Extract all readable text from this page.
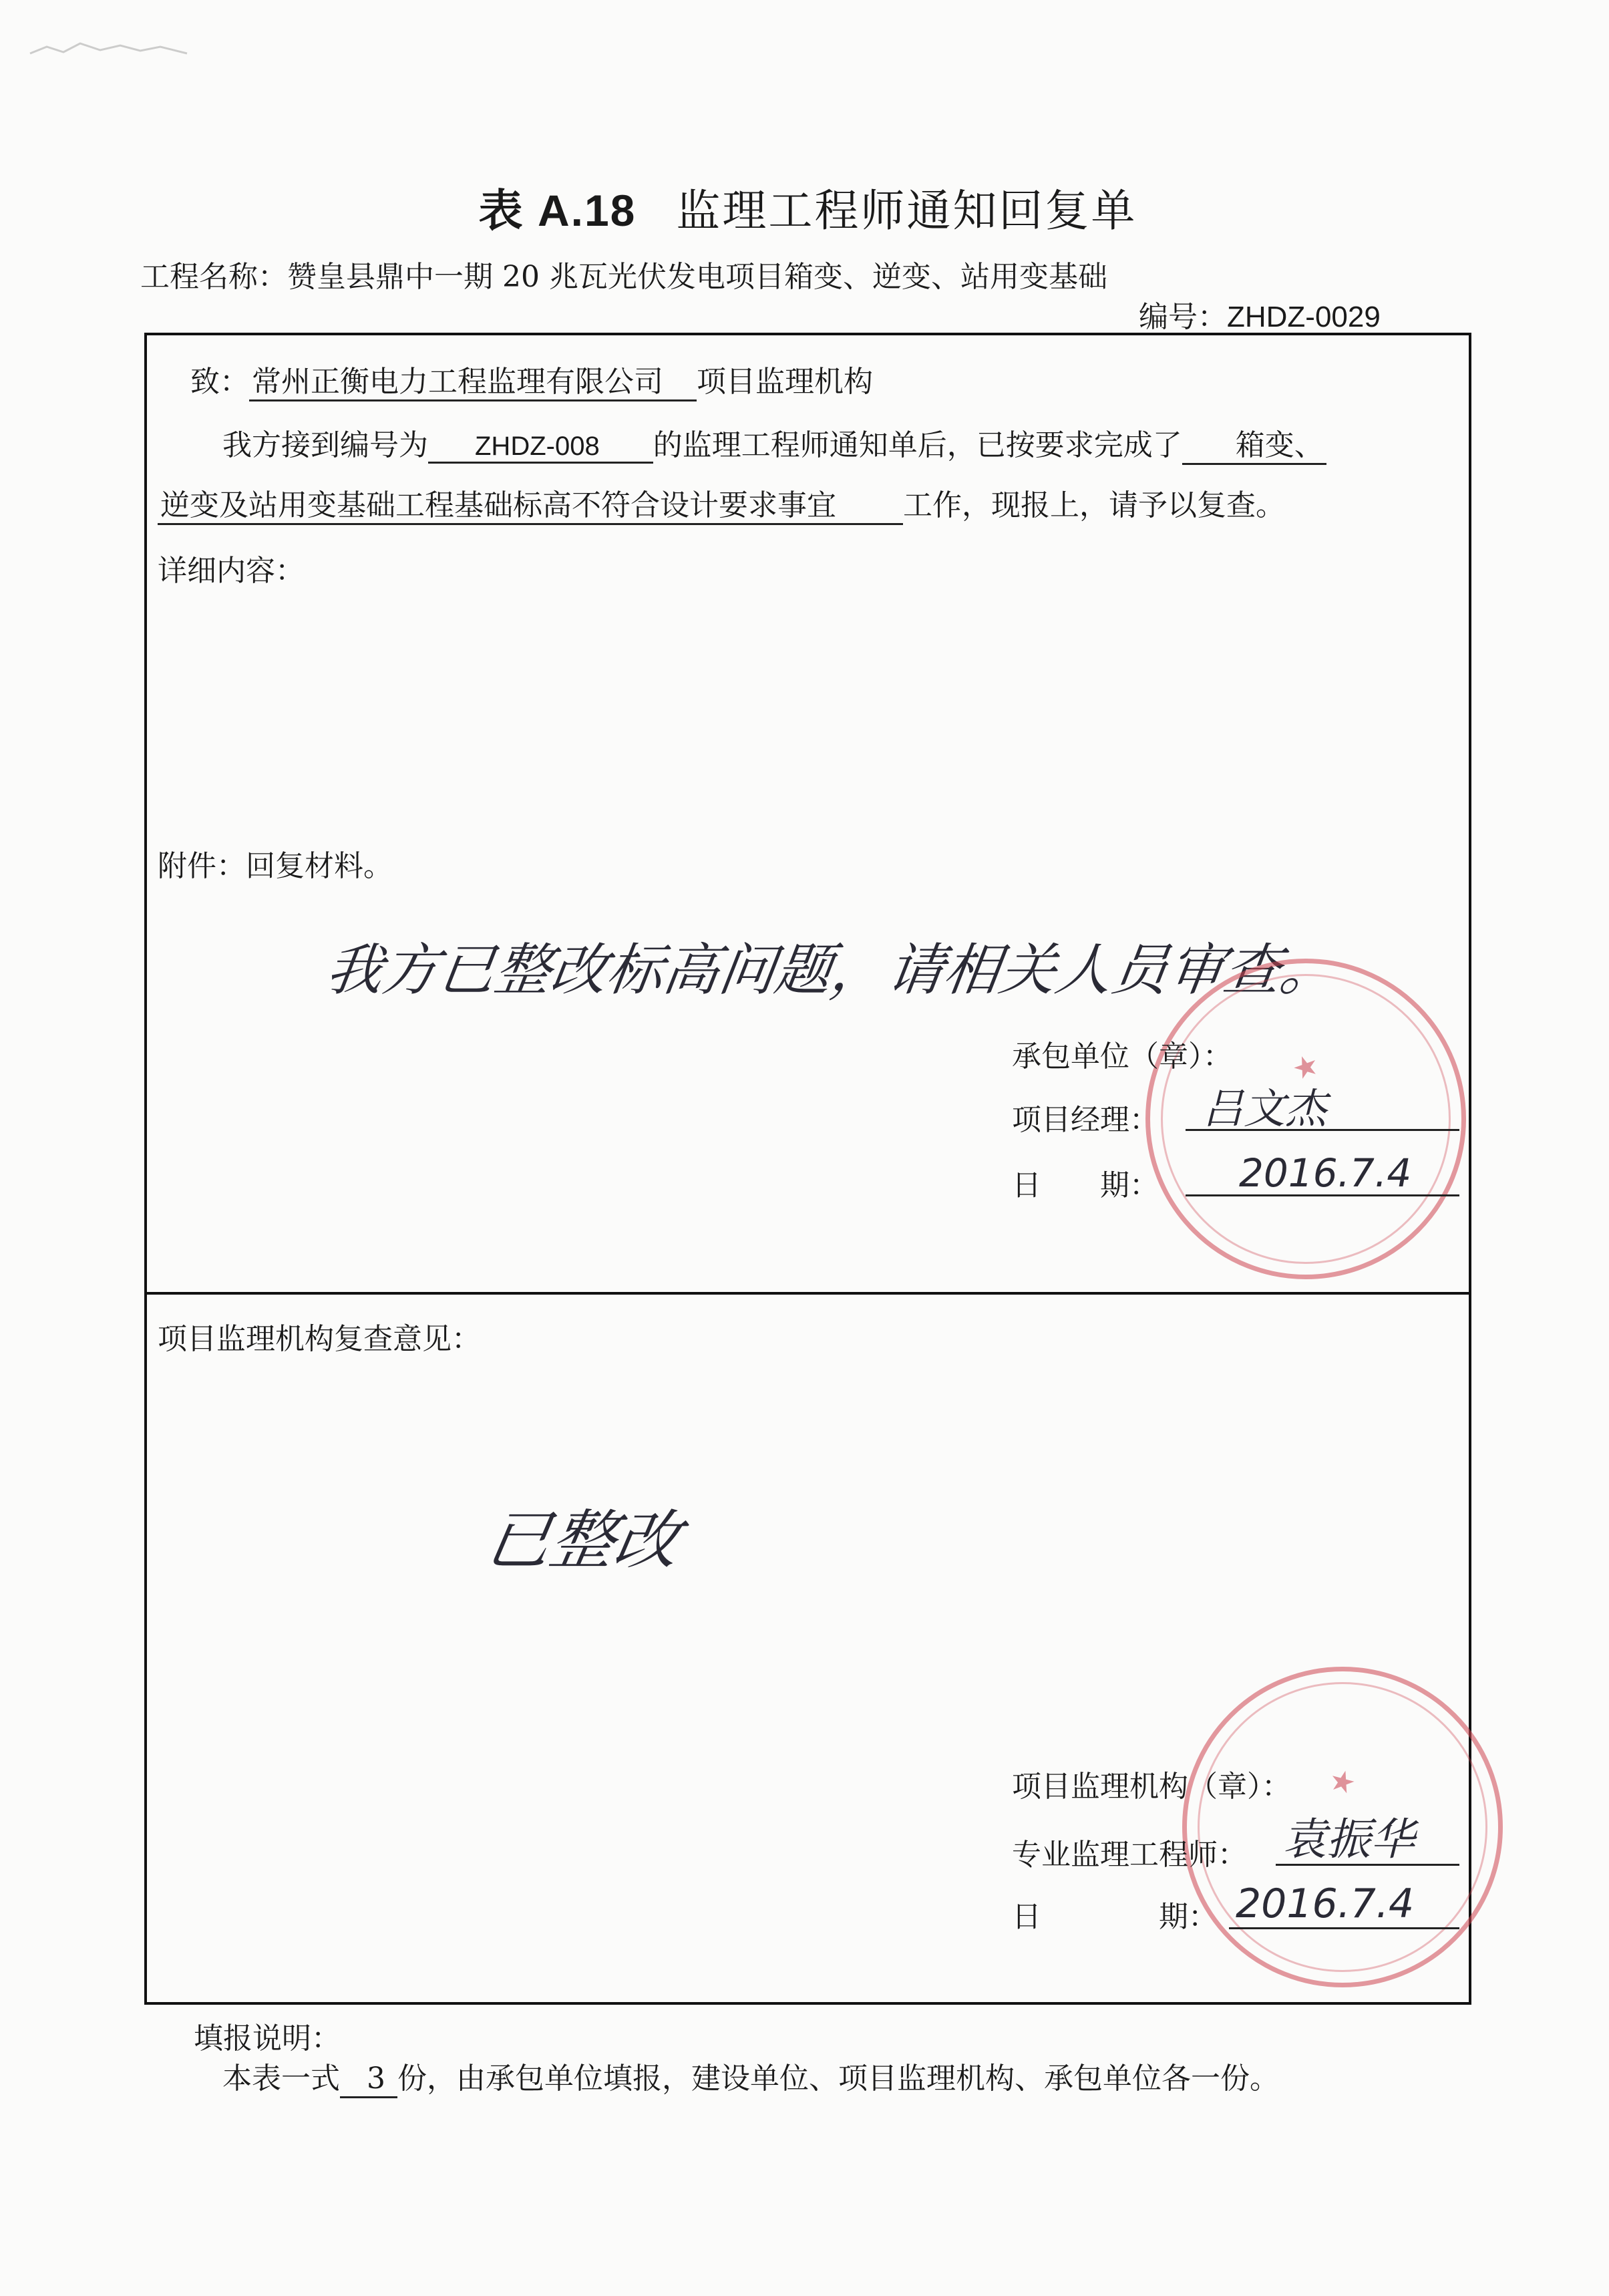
表 A.18 监理工程师通知回复单
工程名称：赞皇县鼎中一期 20 兆瓦光伏发电项目箱变、逆变、站用变基础
编号：ZHDZ-0029
致：常州正衡电力工程监理有限公司 项目监理机构
我方接到编号为 ZHDZ-008 的监理工程师通知单后，已按要求完成了 箱变、
逆变及站用变基础工程基础标高不符合设计要求事宜 工作，现报上，请予以复查。
详细内容：
附件：回复材料。
我方已整改标高问题，请相关人员审查。
★
承包单位（章）：
项目经理： 吕文杰
日　　期： 2016.7.4
项目监理机构复查意见：
已整改
★
项目监理机构（章）：
专业监理工程师： 袁振华
日　　　　期： 2016.7.4
填报说明：
本表一式 3 份，由承包单位填报，建设单位、项目监理机构、承包单位各一份。
